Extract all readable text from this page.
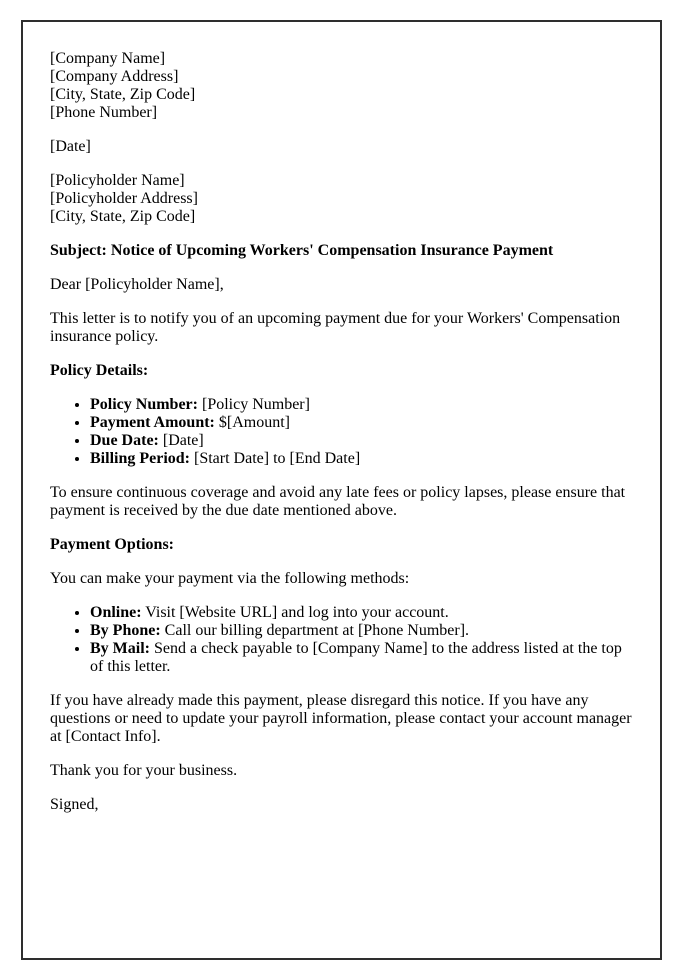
[Company Name]
[Company Address]
[City, State, Zip Code]
[Phone Number]

[Date]

[Policyholder Name]
[Policyholder Address]
[City, State, Zip Code]

Subject: Notice of Upcoming Workers' Compensation Insurance Payment

Dear [Policyholder Name],

This letter is to notify you of an upcoming payment due for your Workers' Compensation insurance policy.

Policy Details:

• Policy Number: [Policy Number]
• Payment Amount: $[Amount]
• Due Date: [Date]
• Billing Period: [Start Date] to [End Date]

To ensure continuous coverage and avoid any late fees or policy lapses, please ensure that payment is received by the due date mentioned above.

Payment Options:

You can make your payment via the following methods:

• Online: Visit [Website URL] and log into your account.
• By Phone: Call our billing department at [Phone Number].
• By Mail: Send a check payable to [Company Name] to the address listed at the top of this letter.

If you have already made this payment, please disregard this notice. If you have any questions or need to update your payroll information, please contact your account manager at [Contact Info].

Thank you for your business.

Signed,
